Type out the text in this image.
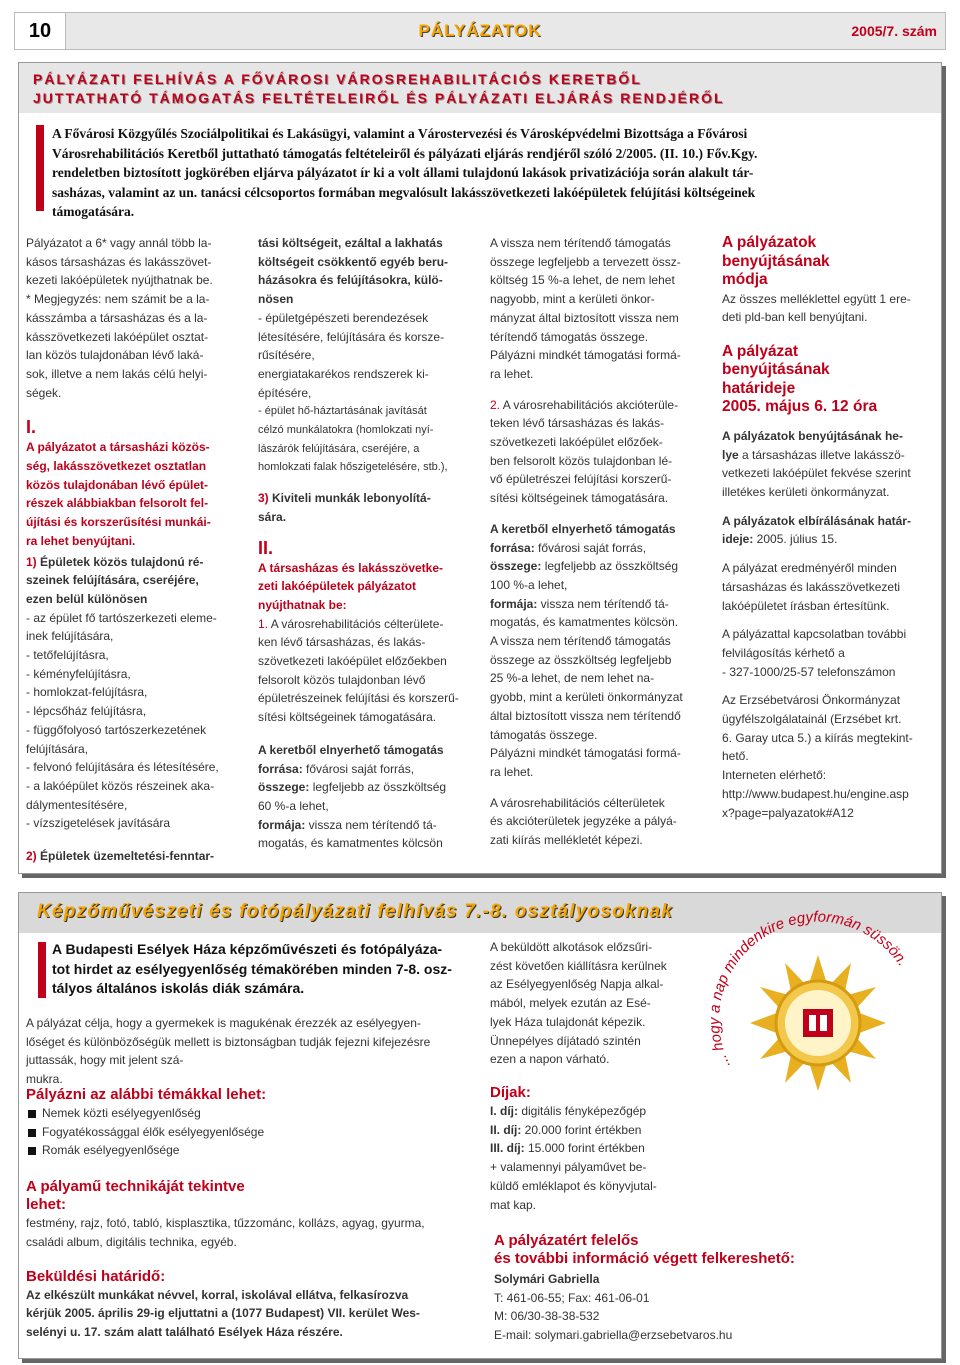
10	PÁLYÁZATOK	2005/7. szám
PÁLYÁZATI FELHÍVÁS A FŐVÁROSI VÁROSREHABILITÁCIÓS KERETBŐL
JUTTATHATÓ TÁMOGATÁS FELTÉTELEIRŐL ÉS PÁLYÁZATI ELJÁRÁS RENDJÉRŐL
A Fővárosi Közgyűlés Szociálpolitikai és Lakásügyi, valamint a Várostervezési és Városképvédelmi Bizottsága a Fővárosi
Városrehabilitációs Keretből juttatható támogatás feltételeiről és pályázati eljárás rendjéről szóló 2/2005. (II. 10.) Főv.Kgy.
rendeletben biztosított jogkörében eljárva pályázatot ír ki a volt állami tulajdonú lakások privatizációja során alakult tár-
sasházas, valamint az un. tanácsi célcsoportos formában megvalósult lakásszövetkezeti lakóépületek felújítási költségeinek
támogatására.

Pályázatot a 6* vagy annál több la-

kásos társasházas és lakásszövet-

kezeti lakóépületek nyújthatnak be.

* Megjegyzés: nem számit be a la-

kásszámba a társasházas és a la-

kásszövetkezeti lakóépület osztat-

lan közös tulajdonában lévő laká-

sok, illetve a nem lakás célú helyi-

ségek.

I.

A pályázatot a társasházi közös-

ség, lakásszövetkezet osztatlan

közös tulajdonában lévő épület-

részek alábbiakban felsorolt fel-

újítási és korszerűsítési munkái-

ra lehet benyújtani.

1) Épületek közös tulajdonú ré-

szeinek felújítására, cseréjére,

ezen belül különösen

- az épület fő tartószerkezeti eleme-

inek felújítására,

- tetőfelújításra,

- kéményfelújításra,

- homlokzat-felújításra,

- lépcsőház felújításra,

- függőfolyosó tartószerkezetének

felújítására,

- felvonó felújítására és létesítésére,

- a lakóépület közös részeinek aka-

dálymentesítésére,

- vízszigetelések javítására

2) Épületek üzemeltetési-fenntar-

tási költségeit, ezáltal a lakhatás

költségeit csökkentő egyéb beru-

házásokra és felújításokra, külö-

nösen

- épületgépészeti berendezések

létesítésére, felújítására és korsze-

rűsítésére,

energiatakarékos rendszerek ki-

építésére,

- épület hő-háztartásának javítását

célzó munkálatokra (homlokzati nyí-

lászárók felújítására, cseréjére, a

homlokzati falak hőszigetelésére, stb.),

3) Kiviteli munkák lebonyolítá-

sára.

II.

A társasházas és lakásszövetke-

zeti lakóépületek pályázatot

nyújthatnak be:

1. A városrehabilitációs célterülete-

ken lévő társasházas, és lakás-

szövetkezeti lakóépület előzőekben

felsorolt közös tulajdonban lévő

épületrészeinek felújítási és korszerű-

sítési költségeinek támogatására.

A keretből elnyerhető támogatás

forrása: fővárosi saját forrás,

összege: legfeljebb az összköltség

60 %-a lehet,

formája: vissza nem térítendő tá-

mogatás, és kamatmentes kölcsön

A vissza nem térítendő támogatás

összege legfeljebb a tervezett össz-

költség 15 %-a lehet, de nem lehet

nagyobb, mint a kerületi önkor-

mányzat által biztosított vissza nem

térítendő támogatás összege.

Pályázni mindkét támogatási formá-

ra lehet.

2. A városrehabilitációs akcióterüle-

teken lévő társasházas és lakás-

szövetkezeti lakóépület előzőek-

ben felsorolt közös tulajdonban lé-

vő épületrészei felújítási korszerű-

sítési költségeinek támogatására.

A keretből elnyerhető támogatás

forrása: fővárosi saját forrás,

összege: legfeljebb az összköltség

100 %-a lehet,

formája: vissza nem térítendő tá-

mogatás, és kamatmentes kölcsön.

A vissza nem térítendő támogatás

összege az összköltség legfeljebb

25 %-a lehet, de nem lehet na-

gyobb, mint a kerületi önkormányzat

által biztosított vissza nem térítendő

támogatás összege.

Pályázni mindkét támogatási formá-

ra lehet.

A városrehabilitációs célterületek

és akcióterületek jegyzéke a pályá-

zati kiírás mellékletét képezi.

A pályázatok

benyújtásának

módja

Az összes melléklettel együtt 1 ere-

deti pld-ban kell benyújtani.

A pályázat

benyújtásának

határideje

2005. május 6. 12 óra

A pályázatok benyújtásának he-

lye a társasházas illetve lakásszö-

vetkezeti lakóépület fekvése szerint

illetékes kerületi önkormányzat.

A pályázatok elbírálásának határ-

ideje: 2005. július 15.

A pályázat eredményéről minden

társasházas és lakásszövetkezeti

lakóépületet írásban értesítünk.

A pályázattal kapcsolatban további

felvilágosítás kérhető a

- 327-1000/25-57 telefonszámon

Az Erzsébetvárosi Önkormányzat

ügyfélszolgálatainál (Erzsébet krt.

6. Garay utca 5.) a kiírás megtekint-

hető.

Interneten elérhető:

http://www.budapest.hu/engine.asp

x?page=palyazatok#A12

Képzőművészeti és fotópályázati felhívás 7.-8. osztályosoknak
A Budapesti Esélyek Háza képzőművészeti és fotópályáza-
tot hirdet az esélyegyenlőség témakörében minden 7-8. osz-
tályos általános iskolás diák számára.

A pályázat célja, hogy a gyermekek is magukénak érezzék az esélyegyen-

lőséget és különbözőségük mellett is biztonságban tudják fejezni kifejezésre juttassák, hogy mit jelent szá-

mukra.

Pályázni az alábbi témákkal lehet:

Nemek közti esélyegyenlőség
Fogyatékossággal élők esélyegyenlősége
Romák esélyegyenlősége

A pályamű technikáját tekintve

lehet:

festmény, rajz, fotó, tabló, kisplasztika, tűzzománc, kollázs, agyag, gyurma,

családi album, digitális technika, egyéb.

Beküldési határidő:

Az elkészült munkákat névvel, korral, iskolával ellátva, felkasírozva

kérjük 2005. április 29-ig eljuttatni a (1077 Budapest) VII. kerület Wes-

selényi u. 17. szám alatt található Esélyek Háza részére.

A beküldött alkotások előzsűri-

zést követően kiállításra kerülnek

az Esélyegyenlőség Napja alkal-

mából, melyek ezután az Esé-

lyek Háza tulajdonát képezik.

Ünnepélyes díjátadó szintén

ezen a napon várható.

Díjak:

I. díj: digitális fényképezőgép

II. díj: 20.000 forint értékben

III. díj: 15.000 forint értékben

+ valamennyi pályaművet be-

küldő emléklapot és könyvjutal-

mat kap.

A pályázatért felelős

és további információ végett felkereshető:

Solymári Gabriella

T: 461-06-55; Fax: 461-06-01

M: 06/30-38-38-532

E-mail: solymari.gabriella@erzsebetvaros.hu

... hogy a nap mindenkire egyformán süssön.
